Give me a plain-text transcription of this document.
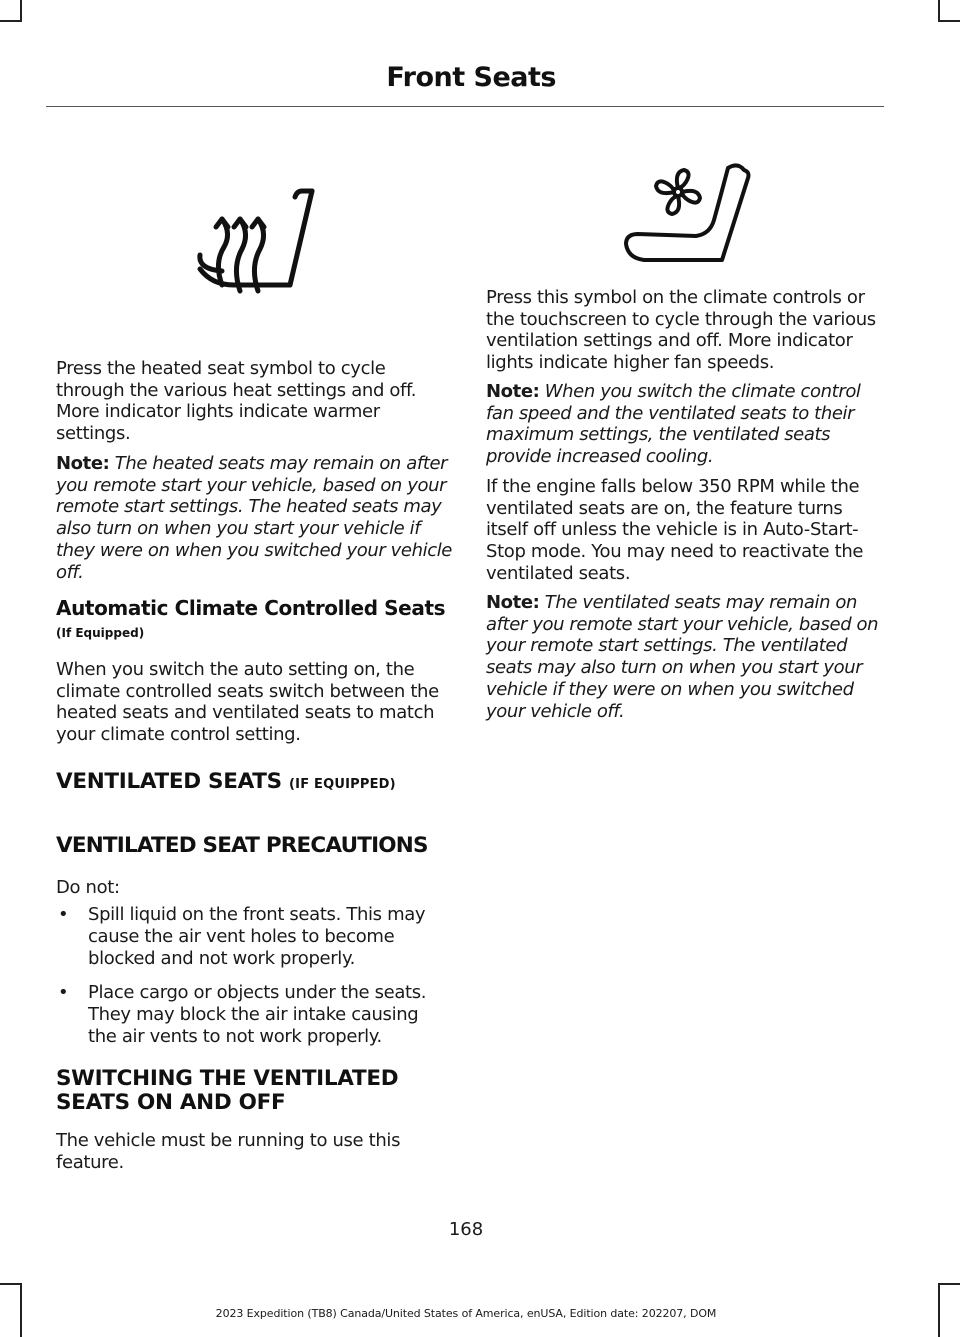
Front Seats

Press the heated seat symbol to cycle through the various heat settings and off. More indicator lights indicate warmer settings.

Note: The heated seats may remain on after you remote start your vehicle, based on your remote start settings. The heated seats may also turn on when you start your vehicle if they were on when you switched your vehicle off.

Automatic Climate Controlled Seats (If Equipped)

When you switch the auto setting on, the climate controlled seats switch between the heated seats and ventilated seats to match your climate control setting.

VENTILATED SEATS (IF EQUIPPED)
VENTILATED SEAT PRECAUTIONS

Do not:

• Spill liquid on the front seats. This may cause the air vent holes to become blocked and not work properly.
• Place cargo or objects under the seats. They may block the air intake causing the air vents to not work properly.
SWITCHING THE VENTILATED SEATS ON AND OFF

The vehicle must be running to use this feature.

Press this symbol on the climate controls or the touchscreen to cycle through the various ventilation settings and off. More indicator lights indicate higher fan speeds.

Note: When you switch the climate control fan speed and the ventilated seats to their maximum settings, the ventilated seats provide increased cooling.

If the engine falls below 350 RPM while the ventilated seats are on, the feature turns itself off unless the vehicle is in Auto-Start-Stop mode. You may need to reactivate the ventilated seats.

Note: The ventilated seats may remain on after you remote start your vehicle, based on your remote start settings. The ventilated seats may also turn on when you start your vehicle if they were on when you switched your vehicle off.

168
2023 Expedition (TB8) Canada/United States of America, enUSA, Edition date: 202207, DOM
